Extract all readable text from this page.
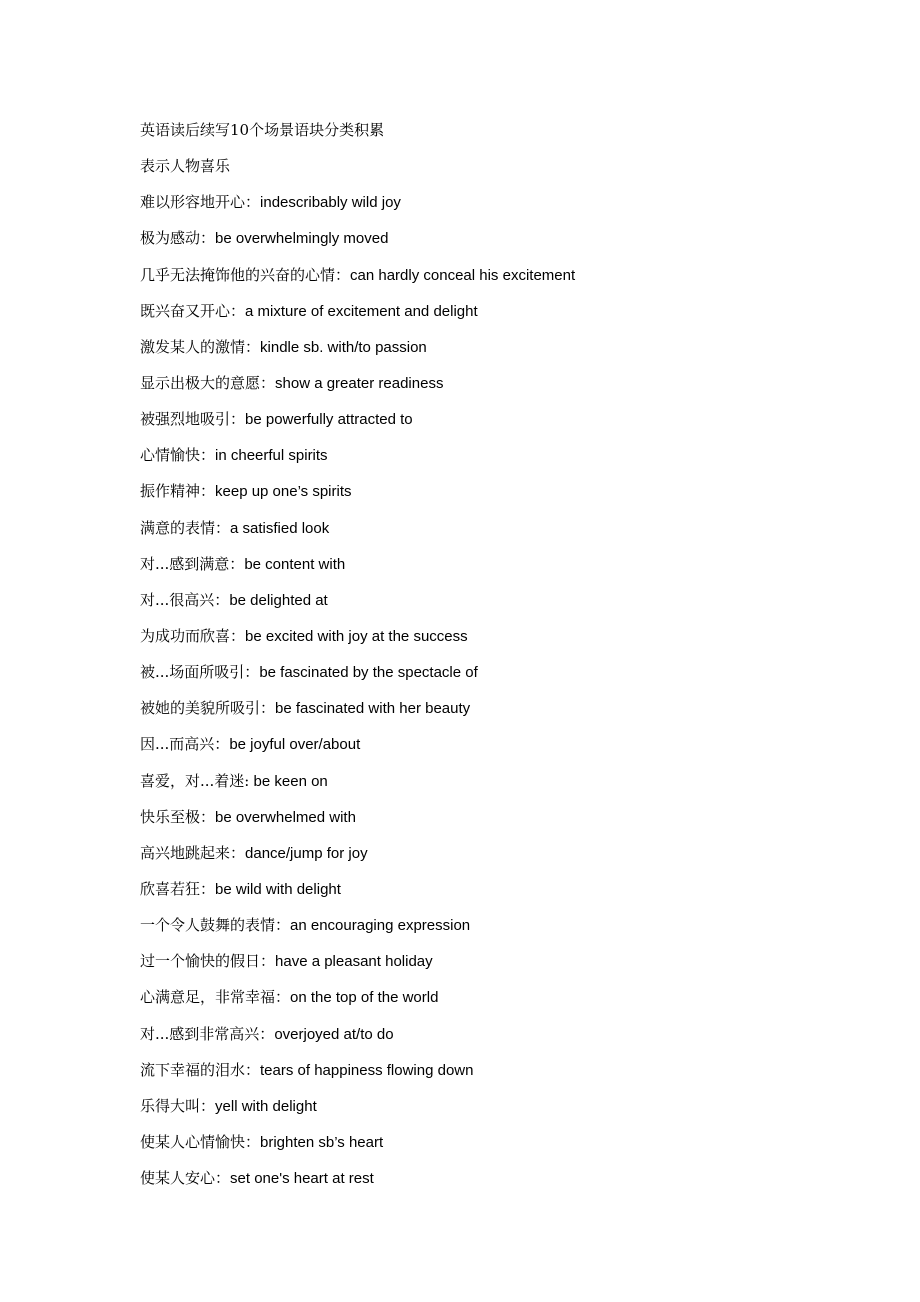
英语读后续写10个场景语块分类积累
表示人物喜乐
难以形容地开心：indescribably wild joy
极为感动：be overwhelmingly moved
几乎无法掩饰他的兴奋的心情：can hardly conceal his excitement
既兴奋又开心：a mixture of excitement and delight
激发某人的激情：kindle sb. with/to passion
显示出极大的意愿：show a greater readiness
被强烈地吸引：be powerfully attracted to
心情愉快：in cheerful spirits
振作精神：keep up one’s spirits
满意的表情：a satisfied look
对...感到满意：be content with
对...很高兴：be delighted at
为成功而欣喜：be excited with joy at the success
被...场面所吸引：be fascinated by the spectacle of
被她的美貌所吸引：be fascinated with her beauty
因...而高兴：be joyful over/about
喜爱，对...着迷: be keen on
快乐至极：be overwhelmed with
高兴地跳起来：dance/jump for joy
欣喜若狂：be wild with delight
一个令人鼓舞的表情：an encouraging expression
过一个愉快的假日：have a pleasant holiday
心满意足，非常幸福：on the top of the world
对...感到非常高兴：overjoyed at/to do
流下幸福的泪水：tears of happiness flowing down
乐得大叫：yell with delight
使某人心情愉快：brighten sb’s heart
使某人安心：set one's heart at rest
